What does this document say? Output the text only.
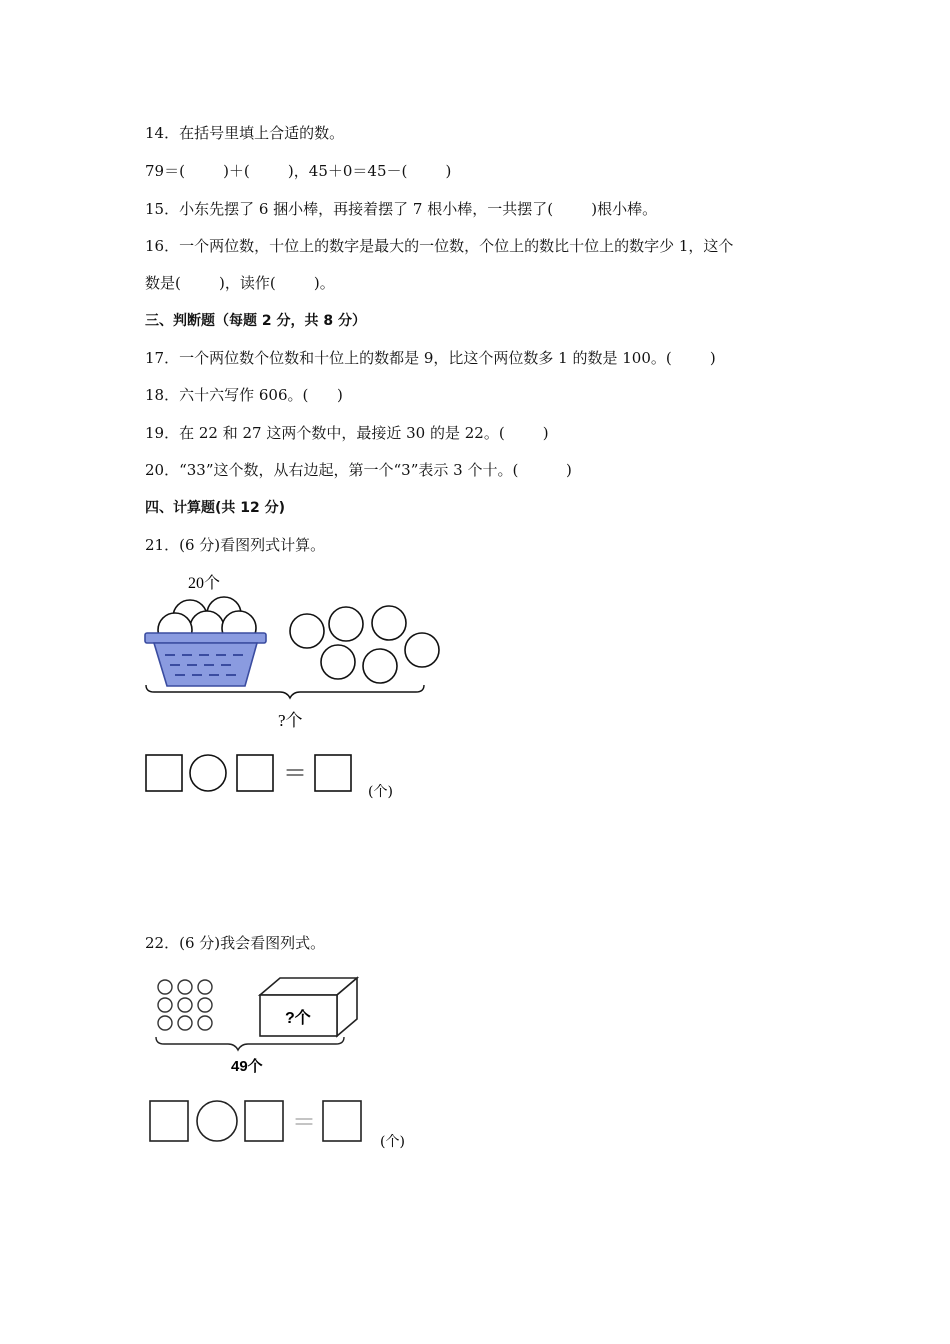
14．在括号里填上合适的数。
79＝(        )＋(        )，45＋0＝45－(        )
15．小东先摆了 6 捆小棒，再接着摆了 7 根小棒，一共摆了(        )根小棒。
16．一个两位数，十位上的数字是最大的一位数，个位上的数比十位上的数字少 1，这个
数是(        )，读作(        )。
三、判断题（每题 2 分，共 8 分）
17．一个两位数个位数和十位上的数都是 9，比这个两位数多 1 的数是 100。(        )
18．六十六写作 606。(      )
19．在 22 和 27 这两个数中，最接近 30 的是 22。(        )
20．“33”这个数，从右边起，第一个“3”表示 3 个十。(          )
四、计算题(共 12 分)
21．(6 分)看图列式计算。
20个
?个
＝
(个)
22．(6 分)我会看图列式。
?个
49个
＝
(个)
